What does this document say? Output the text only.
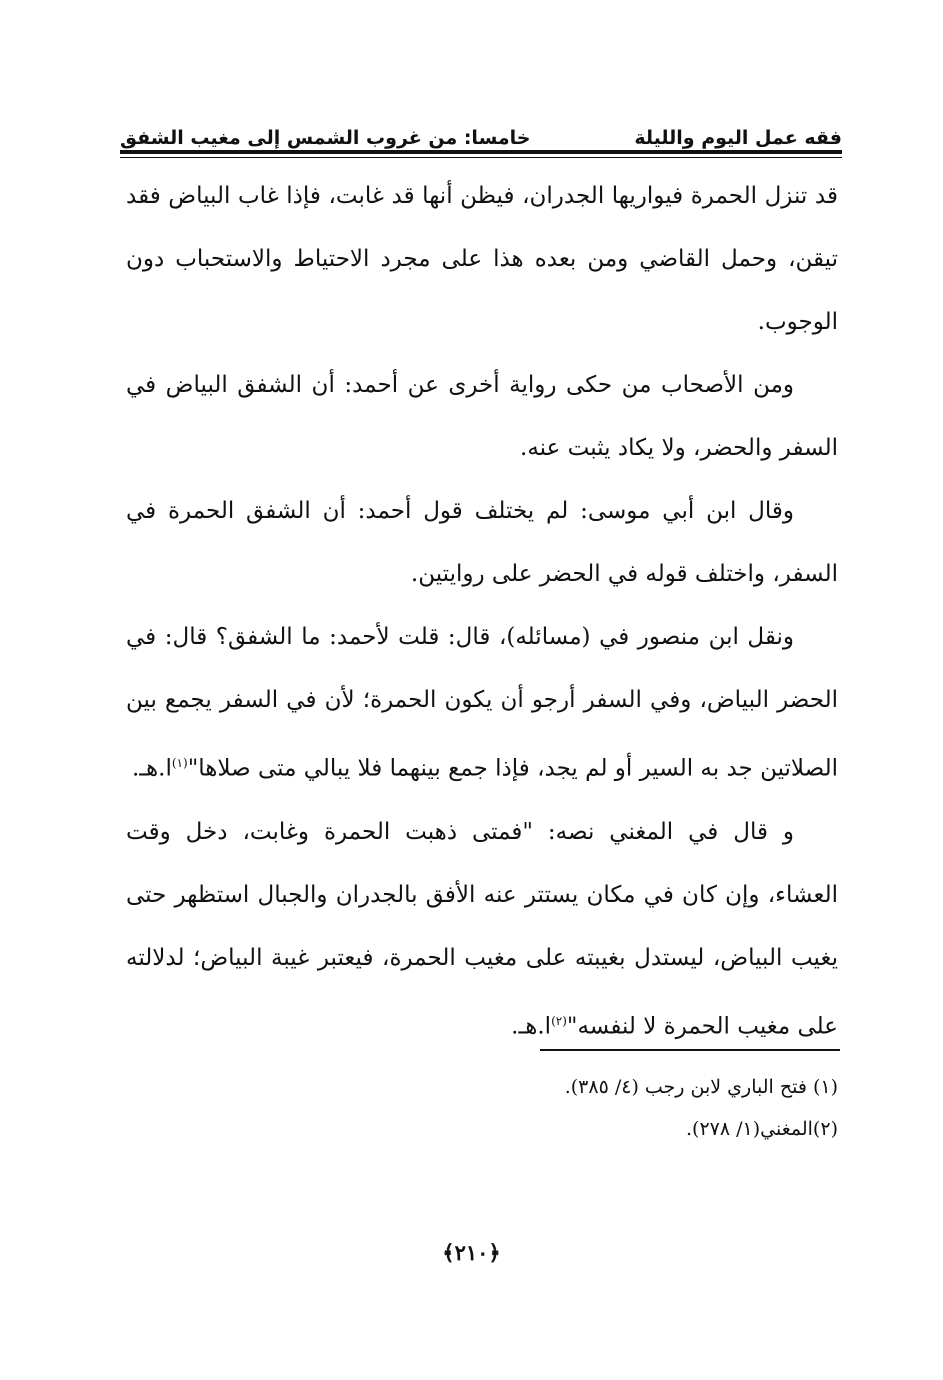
فقه عمل اليوم والليلة
خامسا: من غروب الشمس إلى مغيب الشفق

قد تنزل الحمرة فيواريها الجدران، فيظن أنها قد غابت، فإذا غاب البياض فقد تيقن، وحمل القاضي ومن بعده هذا على مجرد الاحتياط والاستحباب دون الوجوب.

ومن الأصحاب من حكى رواية أخرى عن أحمد: أن الشفق البياض في السفر والحضر، ولا يكاد يثبت عنه.

وقال ابن أبي موسى: لم يختلف قول أحمد: أن الشفق الحمرة في السفر، واختلف قوله في الحضر على روايتين.

ونقل ابن منصور في (مسائله)، قال: قلت لأحمد: ما الشفق؟ قال: في الحضر البياض، وفي السفر أرجو أن يكون الحمرة؛ لأن في السفر يجمع بين الصلاتين جد به السير أو لم يجد، فإذا جمع بينهما فلا يبالي متى صلاها"$^{(١)}$ا.هـ.

و قال في المغني نصه: "فمتى ذهبت الحمرة وغابت، دخل وقت العشاء، وإن كان في مكان يستتر عنه الأفق بالجدران والجبال استظهر حتى يغيب البياض، ليستدل بغيبته على مغيب الحمرة، فيعتبر غيبة البياض؛ لدلالته على مغيب الحمرة لا لنفسه"$^{(٢)}$ا.هـ.

(١) فتح الباري لابن رجب (٤/ ٣٨٥).

(٢)المغني(١/ ٢٧٨).

﴿٢١٠﴾
